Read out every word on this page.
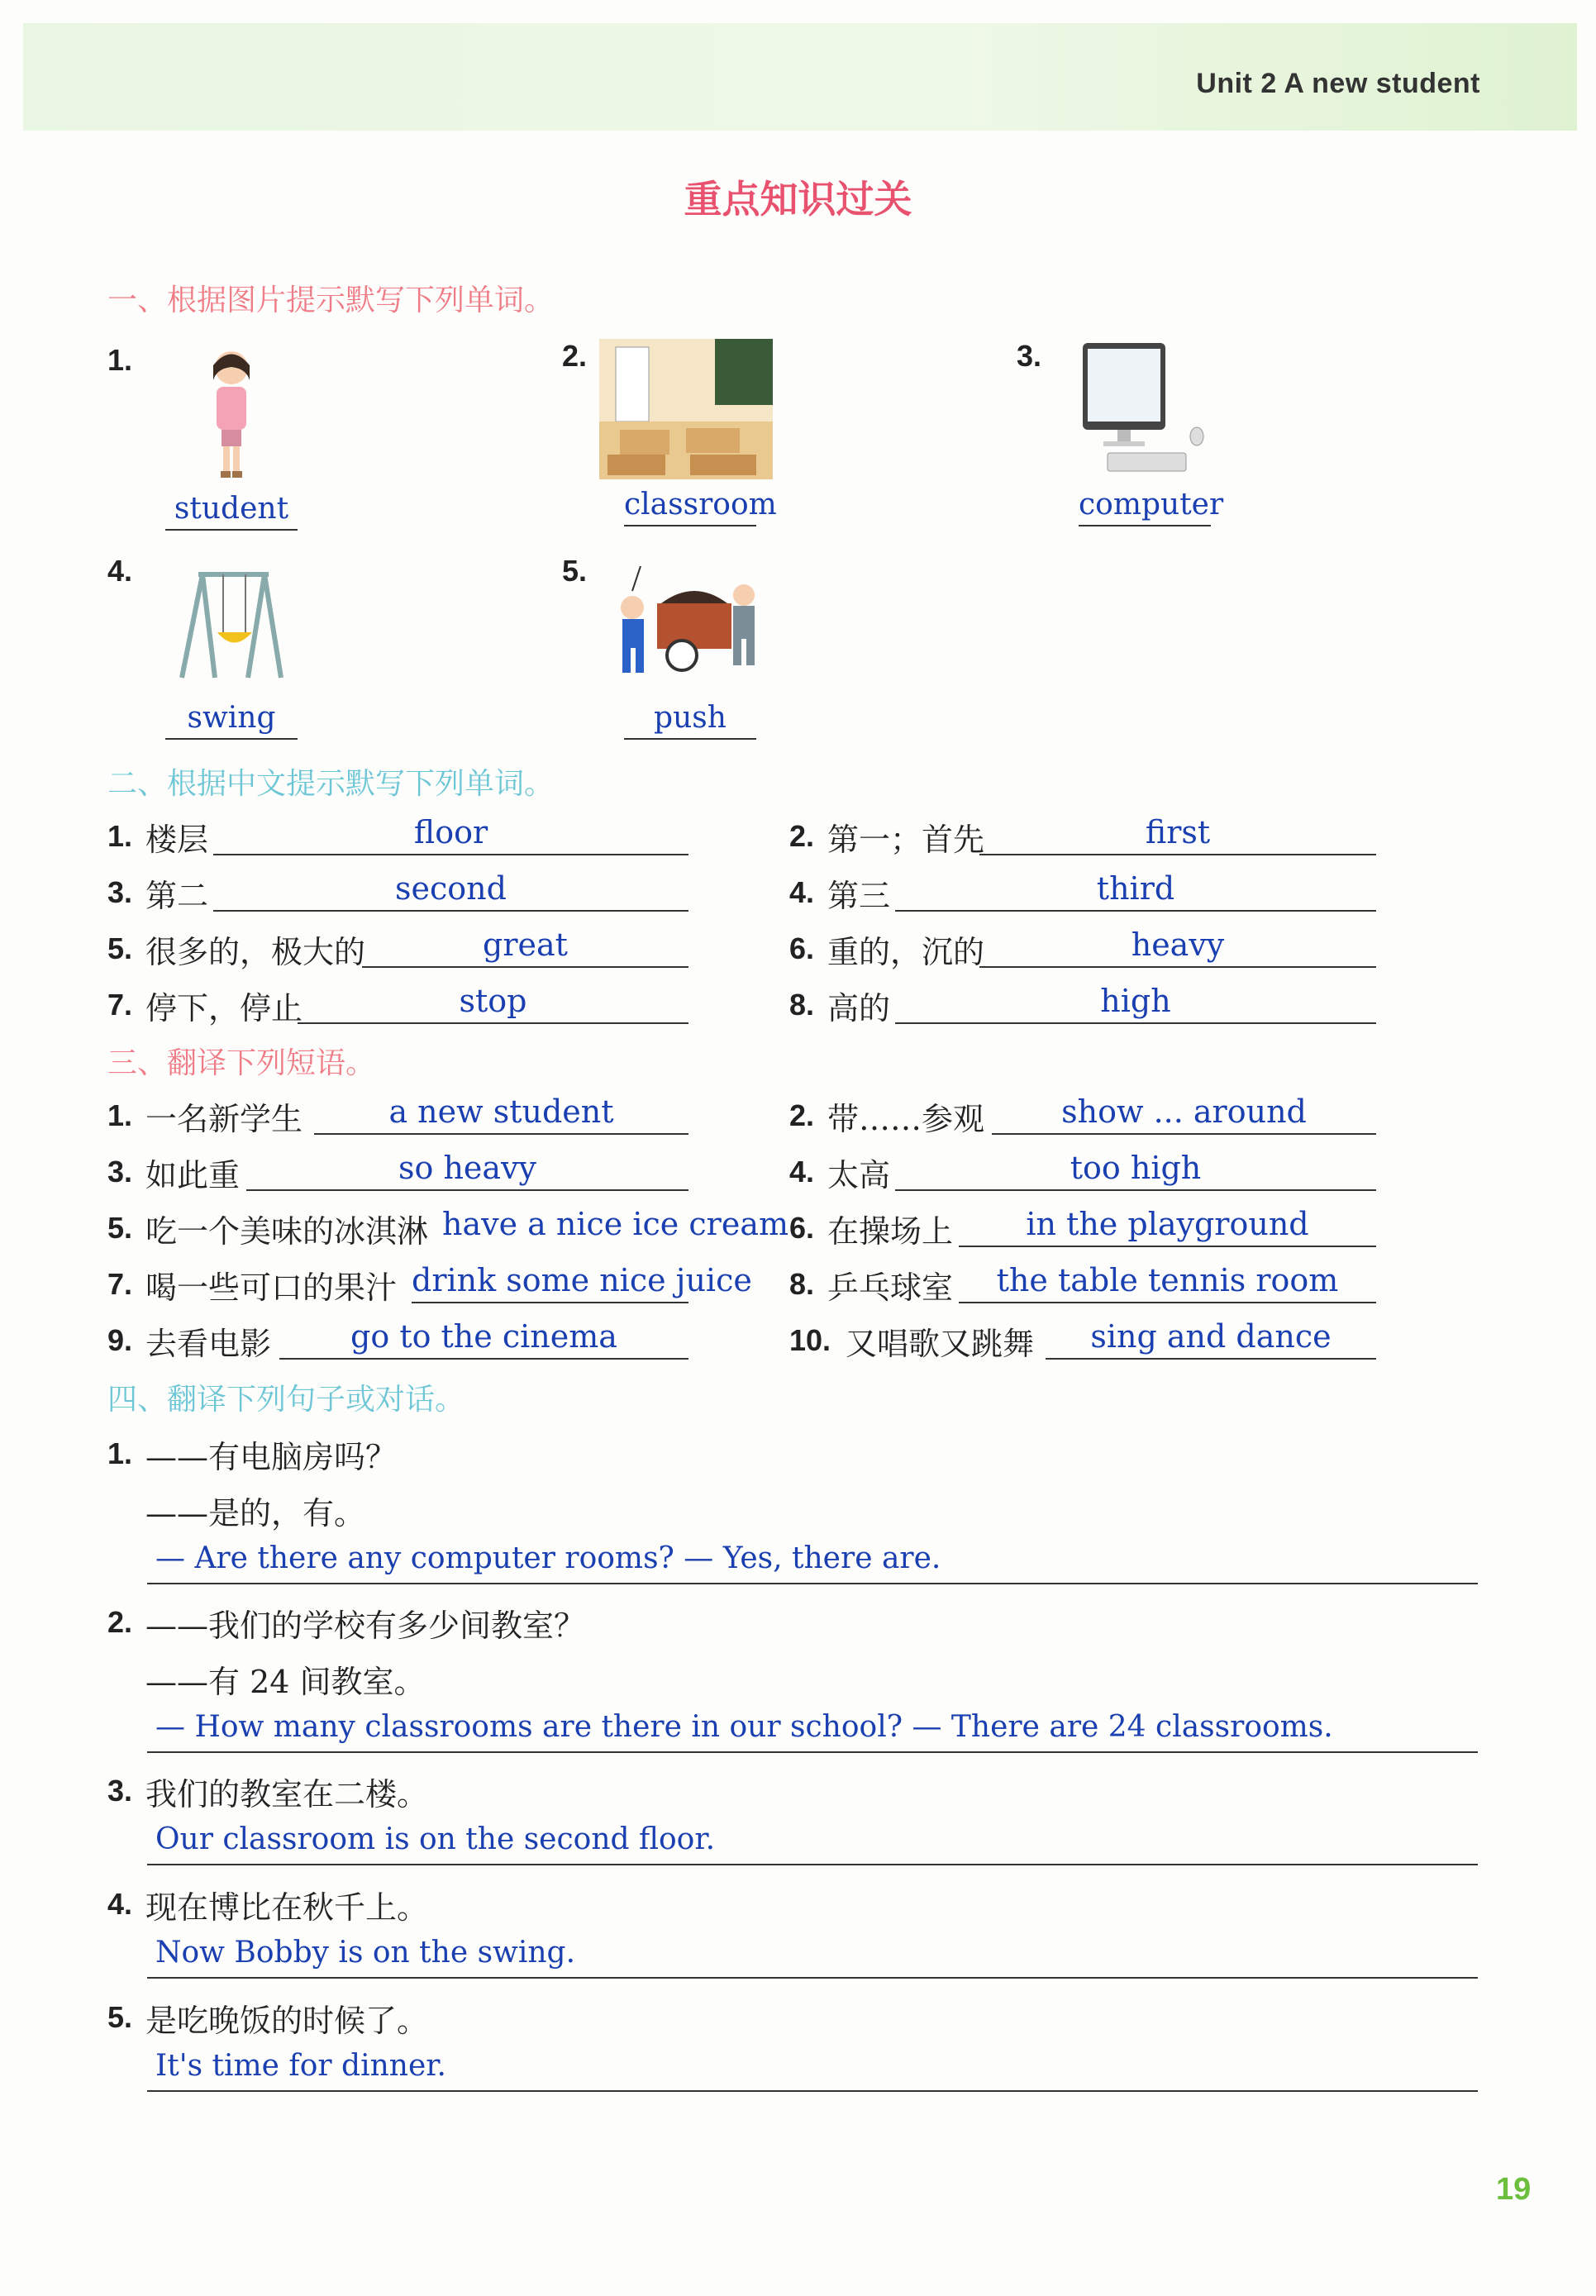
Unit 2 A new student
重点知识过关
一、根据图片提示默写下列单词。
1.
student
2.
classroom
3.
computer
4.
swing
5.
push
二、根据中文提示默写下列单词。
1. 楼层	floor	2. 第一；首先	first
3. 第二	second	4. 第三	third
5. 很多的，极大的	great	6. 重的，沉的	heavy
7. 停下，停止	stop	8. 高的	high
三、翻译下列短语。
1. 一名新学生	a new student	2. 带……参观	show ... around
3. 如此重	so heavy	4. 太高	too high
5. 吃一个美味的冰淇淋 have a nice ice cream 6. 在操场上	in the playground
7. 喝一些可口的果汁 drink some nice juice 8. 乒乓球室	the table tennis room
9. 去看电影	go to the cinema	10. 又唱歌又跳舞	sing and dance
四、翻译下列句子或对话。
1. ——有电脑房吗？
——是的，有。
— Are there any computer rooms? — Yes, there are.
2. ——我们的学校有多少间教室？
——有 24 间教室。
— How many classrooms are there in our school? — There are 24 classrooms.
3. 我们的教室在二楼。
Our classroom is on the second floor.
4. 现在博比在秋千上。
Now Bobby is on the swing.
5. 是吃晚饭的时候了。
It's time for dinner.
19
